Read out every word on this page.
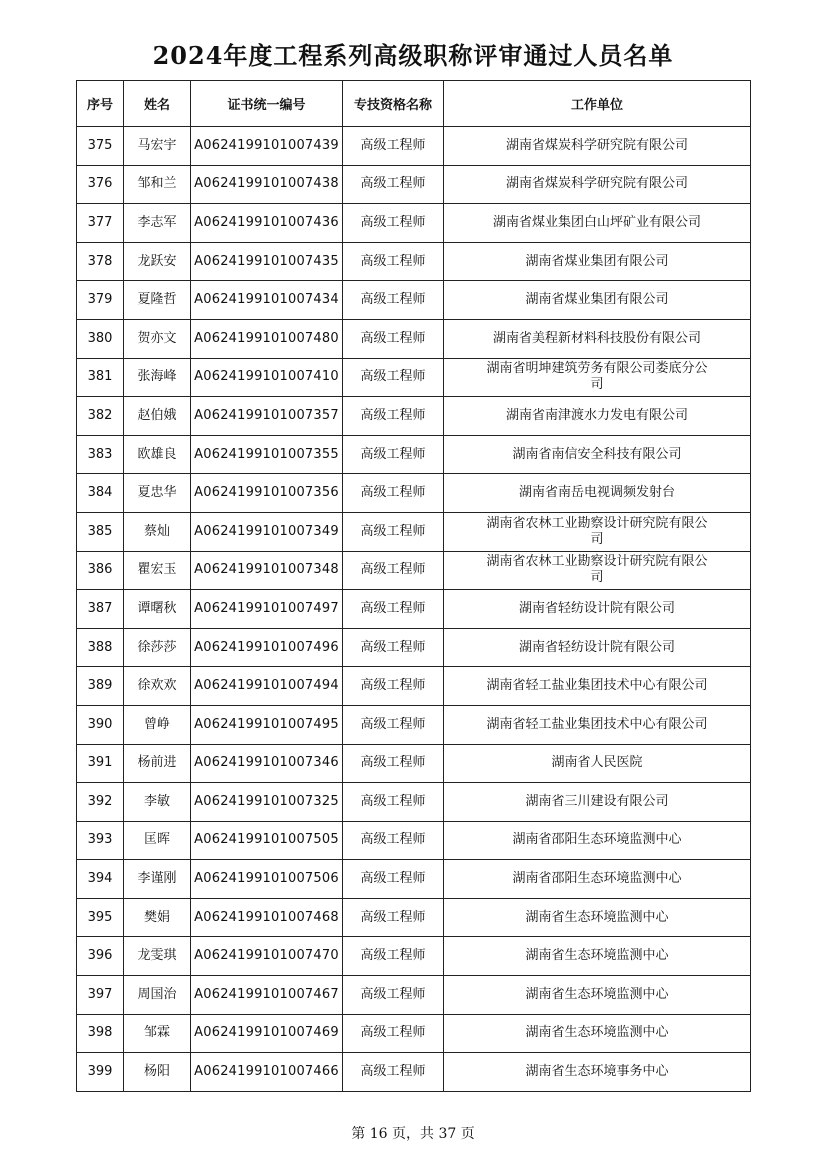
2024年度工程系列高级职称评审通过人员名单
序号	姓名	证书统一编号	专技资格名称	工作单位
375	马宏宇	A0624199101007439	高级工程师	湖南省煤炭科学研究院有限公司
376	邹和兰	A0624199101007438	高级工程师	湖南省煤炭科学研究院有限公司
377	李志军	A0624199101007436	高级工程师	湖南省煤业集团白山坪矿业有限公司
378	龙跃安	A0624199101007435	高级工程师	湖南省煤业集团有限公司
379	夏隆哲	A0624199101007434	高级工程师	湖南省煤业集团有限公司
380	贺亦文	A0624199101007480	高级工程师	湖南省美程新材料科技股份有限公司
381	张海峰	A0624199101007410	高级工程师	湖南省明坤建筑劳务有限公司娄底分公司
382	赵伯娥	A0624199101007357	高级工程师	湖南省南津渡水力发电有限公司
383	欧雄良	A0624199101007355	高级工程师	湖南省南信安全科技有限公司
384	夏忠华	A0624199101007356	高级工程师	湖南省南岳电视调频发射台
385	蔡灿	A0624199101007349	高级工程师	湖南省农林工业勘察设计研究院有限公司
386	瞿宏玉	A0624199101007348	高级工程师	湖南省农林工业勘察设计研究院有限公司
387	谭曙秋	A0624199101007497	高级工程师	湖南省轻纺设计院有限公司
388	徐莎莎	A0624199101007496	高级工程师	湖南省轻纺设计院有限公司
389	徐欢欢	A0624199101007494	高级工程师	湖南省轻工盐业集团技术中心有限公司
390	曾峥	A0624199101007495	高级工程师	湖南省轻工盐业集团技术中心有限公司
391	杨前进	A0624199101007346	高级工程师	湖南省人民医院
392	李敏	A0624199101007325	高级工程师	湖南省三川建设有限公司
393	匡晖	A0624199101007505	高级工程师	湖南省邵阳生态环境监测中心
394	李谨刚	A0624199101007506	高级工程师	湖南省邵阳生态环境监测中心
395	樊娟	A0624199101007468	高级工程师	湖南省生态环境监测中心
396	龙雯琪	A0624199101007470	高级工程师	湖南省生态环境监测中心
397	周国治	A0624199101007467	高级工程师	湖南省生态环境监测中心
398	邹霖	A0624199101007469	高级工程师	湖南省生态环境监测中心
399	杨阳	A0624199101007466	高级工程师	湖南省生态环境事务中心
第 16 页，共 37 页
